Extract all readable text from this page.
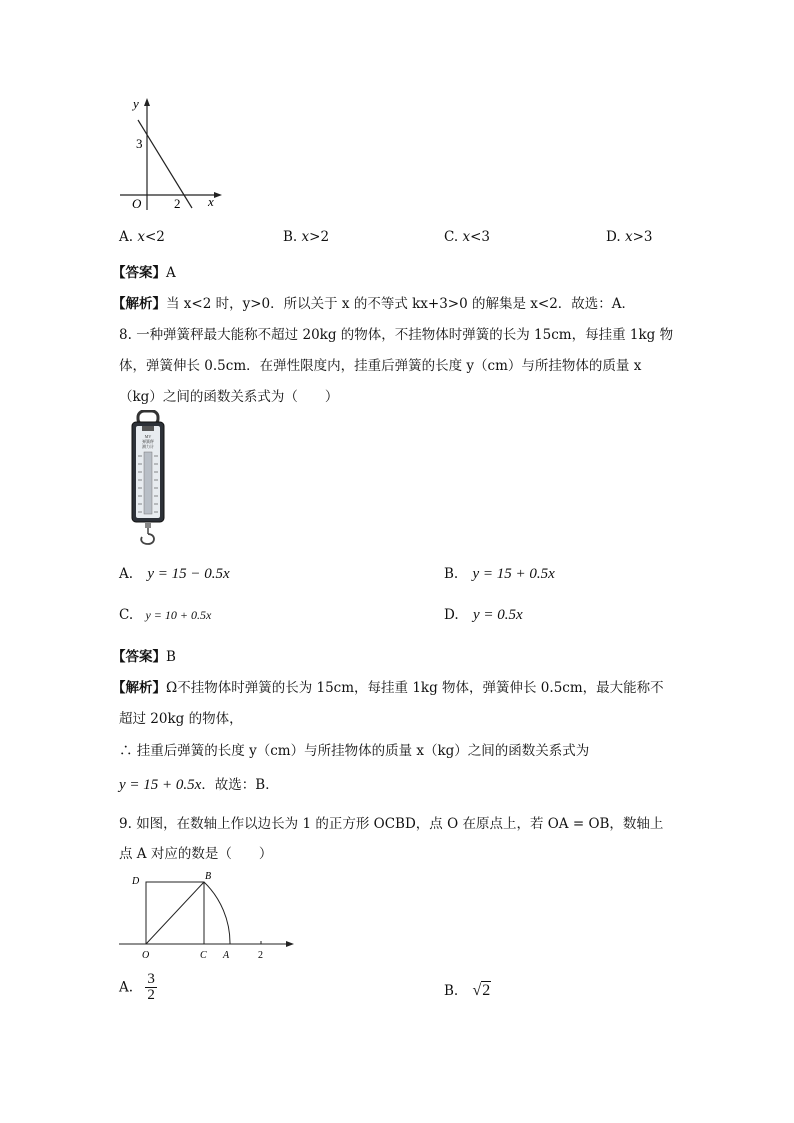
y
3
O	2 x
A. x<2	B. x>2	C. x<3	D. x>3
【答案】A
【解析】当 x<2 时，y>0．所以关于 x 的不等式 kx+3>0 的解集是 x<2．故选：A．
8. 一种弹簧秤最大能称不超过 20kg 的物体，不挂物体时弹簧的长为 15cm，每挂重 1kg 物
体，弹簧伸长 0.5cm．在弹性限度内，挂重后弹簧的长度 y（cm）与所挂物体的质量 x
（kg）之间的函数关系式为（　　）
MV
弹簧秤
测力计
A. y = 15 − 0.5x	B. y = 15 + 0.5x
C. y = 10 + 0.5x	D. y = 0.5x
【答案】B
【解析】Ω不挂物体时弹簧的长为 15cm，每挂重 1kg 物体，弹簧伸长 0.5cm，最大能称不
超过 20kg 的物体，
∴ 挂重后弹簧的长度 y（cm）与所挂物体的质量 x（kg）之间的函数关系式为
y = 15 + 0.5x．故选：B．
9. 如图，在数轴上作以边长为 1 的正方形 OCBD，点 O 在原点上，若 OA = OB，数轴上
点 A 对应的数是（　　）
D	B
O	C A	2
A. $\frac{3}{2}$	B. √2
